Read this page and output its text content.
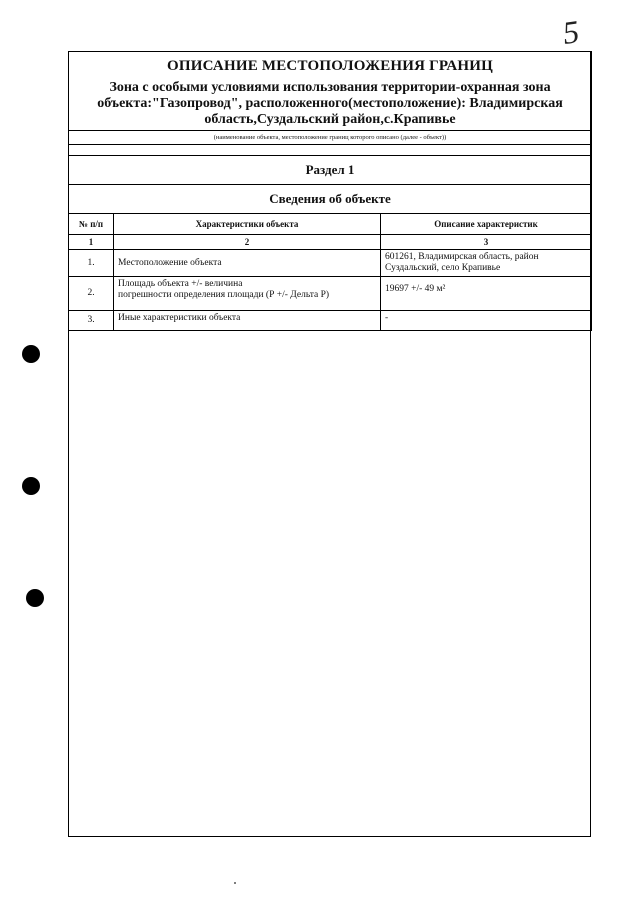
5
ОПИСАНИЕ МЕСТОПОЛОЖЕНИЯ ГРАНИЦ
Зона с особыми условиями использования территории-охранная зона
объекта:"Газопровод", расположенного(местоположение): Владимирская
область,Суздальский район,с.Крапивье		

(наименование объекта, местоположение границ которого описано (далее - объект))		

Раздел 1		
Сведения об объекте		
№ п/п	Характеристики объекта	Описание характеристик
1	2	3
1.	Местоположение объекта	601261, Владимирская область, район
Суздальский, село Крапивье

2.	Площадь объекта +/- величина
погрешности определения площади (Р +/- Дельта Р)	19697 +/- 49 м²
3.	Иные характеристики объекта	-
